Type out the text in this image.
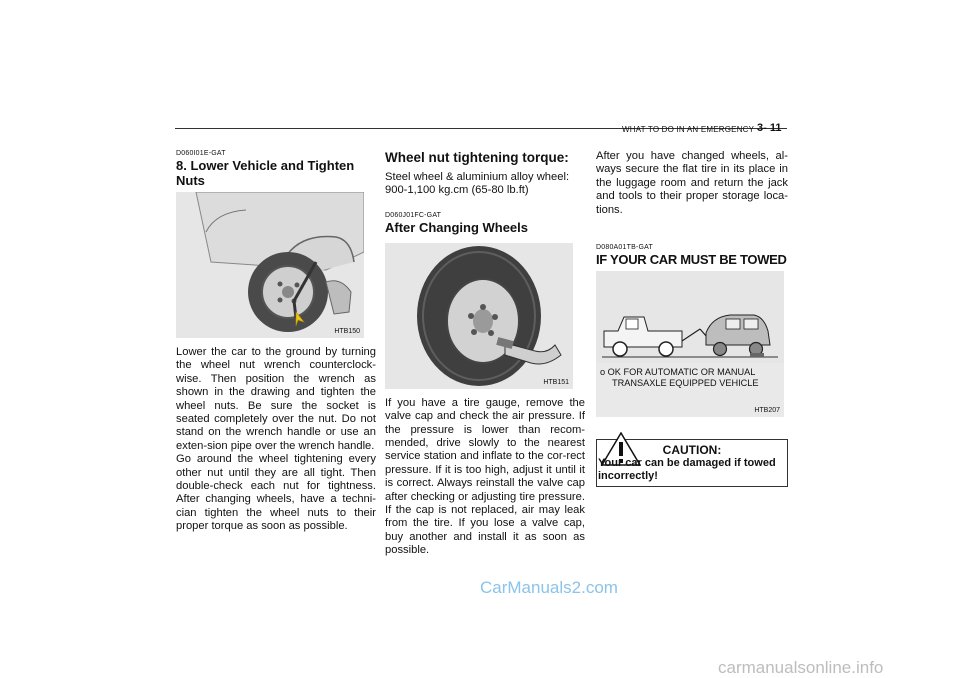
WHAT TO DO IN AN EMERGENCY 3- 11
D060I01E-GAT
8. Lower Vehicle and Tighten Nuts
HTB150

Lower the car to the ground by turning the wheel nut wrench counterclock-wise. Then position the wrench as shown in the drawing and tighten the wheel nuts. Be sure the socket is seated completely over the nut. Do not stand on the wrench handle or use an exten-sion pipe over the wrench handle.

Go around the wheel tightening every other nut until they are all tight. Then double-check each nut for tightness. After changing wheels, have a techni-cian tighten the wheel nuts to their proper torque as soon as possible.

Wheel nut tightening torque:

Steel wheel & aluminium alloy wheel: 900-1,100 kg.cm (65-80 lb.ft)

D060J01FC-GAT
After Changing Wheels
HTB151

If you have a tire gauge, remove the valve cap and check the air pressure. If the pressure is lower than recom-mended, drive slowly to the nearest service station and inflate to the cor-rect pressure. If it is too high, adjust it until it is correct. Always reinstall the valve cap after checking or adjusting tire pressure. If the cap is not replaced, air may leak from the tire. If you lose a valve cap, buy another and install it as soon as possible.

After you have changed wheels, al-ways secure the flat tire in its place in the luggage room and return the jack and tools to their proper storage loca-tions.

D080A01TB-GAT
IF YOUR CAR MUST BE TOWED
o OK FOR AUTOMATIC OR MANUAL
TRANSAXLE EQUIPPED VEHICLE
HTB207
CAUTION:
Your car can be damaged if towed incorrectly!
CarManuals2.com
carmanualsonline.info
